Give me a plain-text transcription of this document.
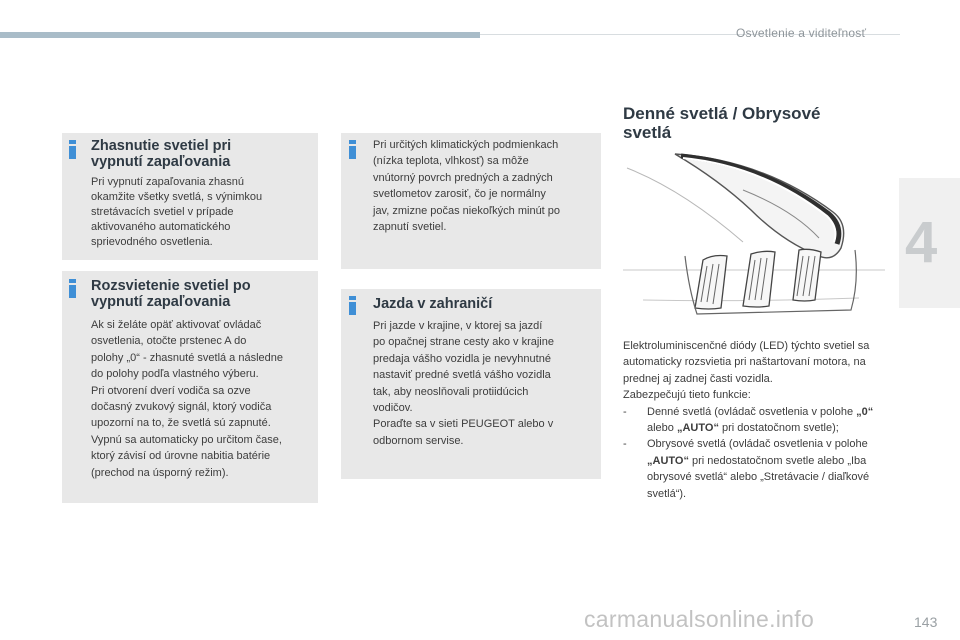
Osvetlenie a viditeľnosť
4
Zhasnutie svetiel pri
vypnutí zapaľovania
Pri vypnutí zapaľovania zhasnú
okamžite všetky svetlá, s výnimkou
stretávacích svetiel v prípade
aktivovaného automatického
sprievodného osvetlenia.
Rozsvietenie svetiel po
vypnutí zapaľovania
Ak si želáte opäť aktivovať ovládač
osvetlenia, otočte prstenec A do
polohy „0“ - zhasnuté svetlá a následne
do polohy podľa vlastného výberu.
Pri otvorení dverí vodiča sa ozve
dočasný zvukový signál, ktorý vodiča
upozorní na to, že svetlá sú zapnuté.
Vypnú sa automaticky po určitom čase,
ktorý závisí od úrovne nabitia batérie
(prechod na úsporný režim).
Pri určitých klimatických podmienkach
(nízka teplota, vlhkosť) sa môže
vnútorný povrch predných a zadných
svetlometov zarosiť, čo je normálny
jav, zmizne počas niekoľkých minút po
zapnutí svetiel.
Jazda v zahraničí
Pri jazde v krajine, v ktorej sa jazdí
po opačnej strane cesty ako v krajine
predaja vášho vozidla je nevyhnutné
nastaviť predné svetlá vášho vozidla
tak, aby neoslňovali protiidúcich
vodičov.
Poraďte sa v sieti PEUGEOT alebo v
odbornom servise.
Denné svetlá / Obrysové
svetlá
Elektroluminiscenčné diódy (LED) týchto svetiel sa automaticky rozsvietia pri naštartovaní motora, na prednej aj zadnej časti vozidla.
Zabezpečujú tieto funkcie:
-	Denné svetlá (ovládač osvetlenia v polohe „0“ alebo „AUTO“ pri dostatočnom svetle);
-	Obrysové svetlá (ovládač osvetlenia v polohe „AUTO“ pri nedostatočnom svetle alebo „Iba obrysové svetlá“ alebo „Stretávacie / diaľkové svetlá“).
carmanualsonline.info	143
